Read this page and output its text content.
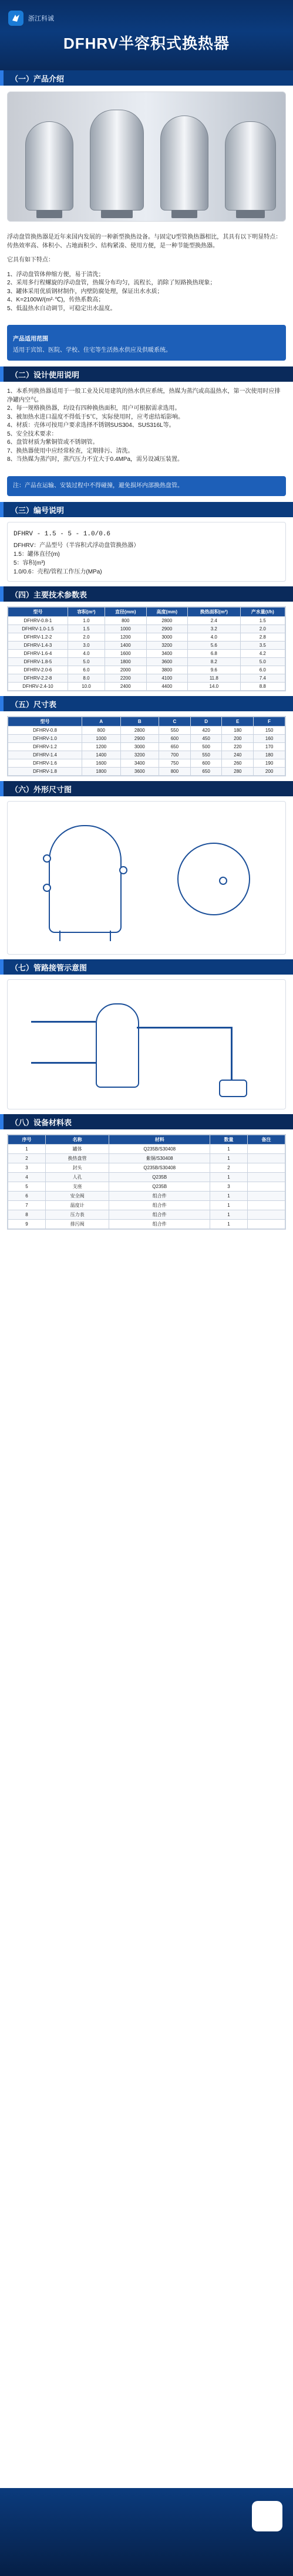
浙江科诚
DFHRV半容积式换热器
（一）产品介绍
浮动盘管换热器是近年来国内发展的一种新型换热设备。与固定U型管换热器相比，其具有以下明显特点：传热效率高、体积小、占地面积少、结构紧凑、使用方便，是一种节能型换热器。
它具有如下特点：
1、浮动盘管体伸缩方便，易于清洗；
2、采用多行程螺旋的浮动盘管，热媒分布均匀，流程长，消除了短路换热现象；
3、罐体采用优质钢材制作，内壁防腐处理，保证出水水质；
4、K=2100W/(m²·℃)，传热系数高；
5、低温热水自动调节，可稳定出水温度。
产品适用范围
适用于宾馆、医院、学校、住宅等生活热水供应及供暖系统。
（二）设计使用说明
1、本系列换热器适用于一般工业及民用建筑的热水供应系统，热媒为蒸汽或高温热水，第一次使用时应排净罐内空气。
2、每一规格换热器，均设有四种换热面积，用户可根据需求选用。
3、被加热水进口温度不得低于5℃，实际使用时，应考虑结垢影响。
4、材质：壳体可按用户要求选择不锈钢SUS304、SUS316L等。
5、安全技术要求：
6、盘管材质为紫铜管或不锈钢管。
7、换热器使用中应经常检查，定期排污、清洗。
8、当热媒为蒸汽时，蒸汽压力不宜大于0.4MPa，需另设减压装置。
注：产品在运输、安装过程中不得碰撞，避免损坏内部换热盘管。
（三）编号说明
DFHRV - 1.5 - 5 - 1.0/0.6
DFHRV：产品型号（半容积式浮动盘管换热器）
1.5：罐体直径(m)
5：容积(m³)
1.0/0.6：壳程/管程工作压力(MPa)
（四）主要技术参数表
型号	容积(m³)	直径(mm)	高度(mm)	换热面积(m²)	产水量(t/h)
DFHRV-0.8-1	1.0	800	2800	2.4	1.5
DFHRV-1.0-1.5	1.5	1000	2900	3.2	2.0
DFHRV-1.2-2	2.0	1200	3000	4.0	2.8
DFHRV-1.4-3	3.0	1400	3200	5.6	3.5
DFHRV-1.6-4	4.0	1600	3400	6.8	4.2
DFHRV-1.8-5	5.0	1800	3600	8.2	5.0
DFHRV-2.0-6	6.0	2000	3800	9.6	6.0
DFHRV-2.2-8	8.0	2200	4100	11.8	7.4
DFHRV-2.4-10	10.0	2400	4400	14.0	8.8
（五）尺寸表
型号	A	B	C	D	E	F
DFHRV-0.8	800	2800	550	420	180	150
DFHRV-1.0	1000	2900	600	450	200	160
DFHRV-1.2	1200	3000	650	500	220	170
DFHRV-1.4	1400	3200	700	550	240	180
DFHRV-1.6	1600	3400	750	600	260	190
DFHRV-1.8	1800	3600	800	650	280	200
（六）外形尺寸图
（七）管路接管示意图
（八）设备材料表
序号	名称	材料	数量	备注
1	罐体	Q235B/S30408	1	
2	换热盘管	紫铜/S30408	1	
3	封头	Q235B/S30408	2	
4	人孔	Q235B	1	
5	支座	Q235B	3	
6	安全阀	组合件	1	
7	温度计	组合件	1	
8	压力表	组合件	1	
9	排污阀	组合件	1	
